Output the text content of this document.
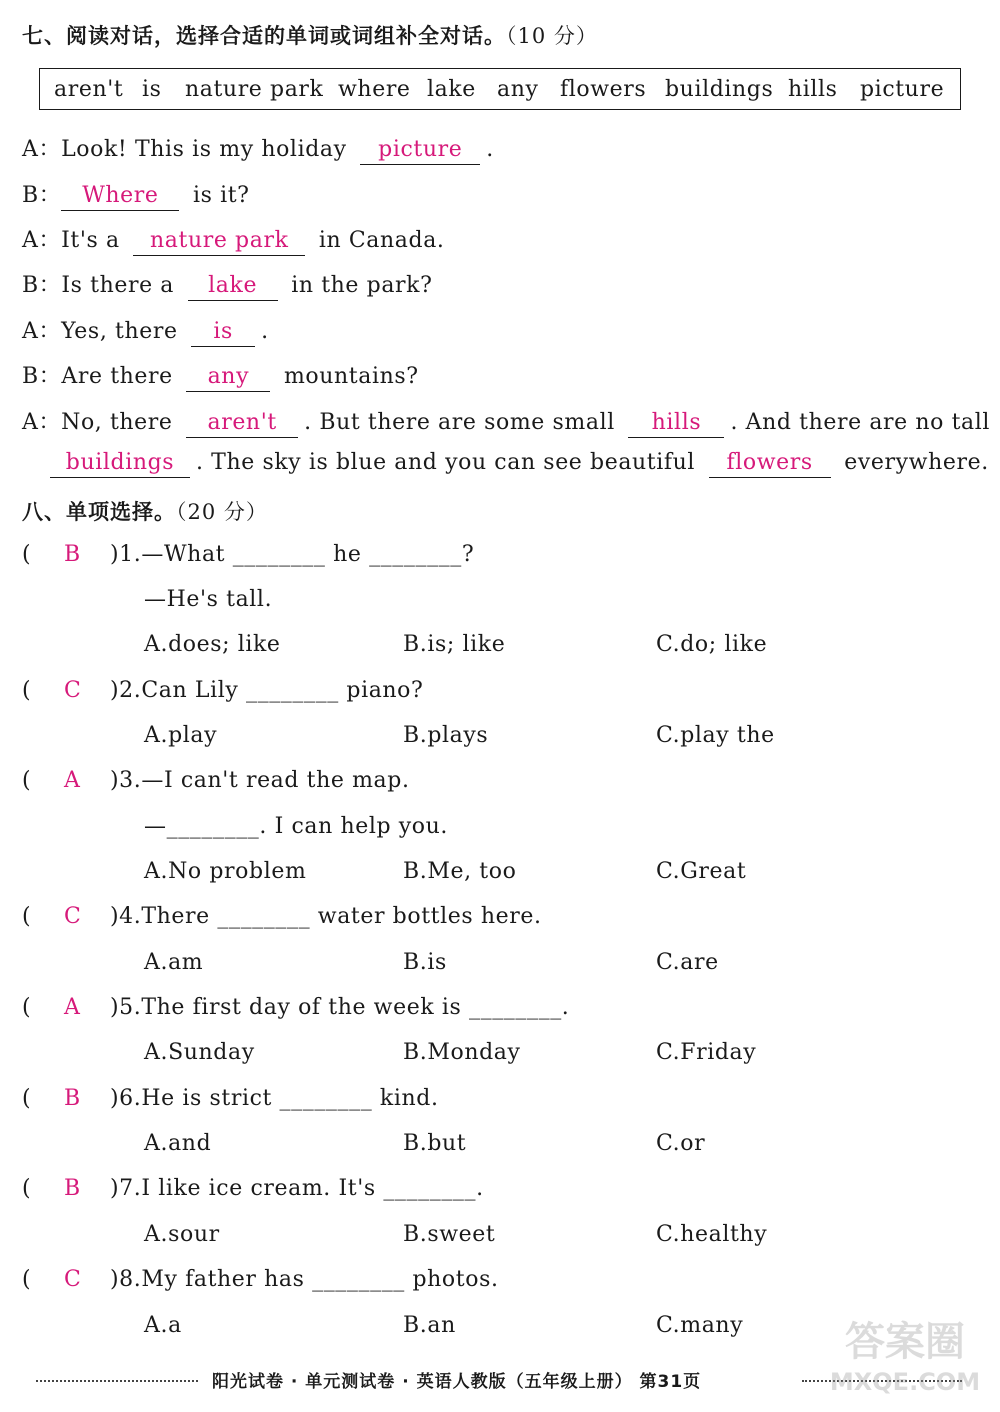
七、阅读对话，选择合适的单词或词组补全对话。（10 分）
aren't is nature park where lake any flowers buildings hills picture
A：Look! This is my holiday picture .
B： Where is it?
A：It's a nature park in Canada.
B：Is there a lake in the park?
A：Yes, there is .
B：Are there any mountains?
A：No, there aren't . But there are some small hills . And there are no tall
buildings . The sky is blue and you can see beautiful flowers everywhere.
八、单项选择。（20 分）
( B )1.—What ________ he ________?
—He's tall.
A.does; like	B.is; like	C.do; like
( C )2.Can Lily ________ piano?
A.play	B.plays	C.play the
( A )3.—I can't read the map.
—________. I can help you.
A.No problem	B.Me, too	C.Great
( C )4.There ________ water bottles here.
A.am	B.is	C.are
( A )5.The first day of the week is ________.
A.Sunday	B.Monday	C.Friday
( B )6.He is strict ________ kind.
A.and	B.but	C.or
( B )7.I like ice cream. It's ________.
A.sour	B.sweet	C.healthy
( C )8.My father has ________ photos.
A.a	B.an	C.many
阳光试卷 · 单元测试卷 · 英语人教版（五年级上册） 第31页
答案圈
MXQE.COM
